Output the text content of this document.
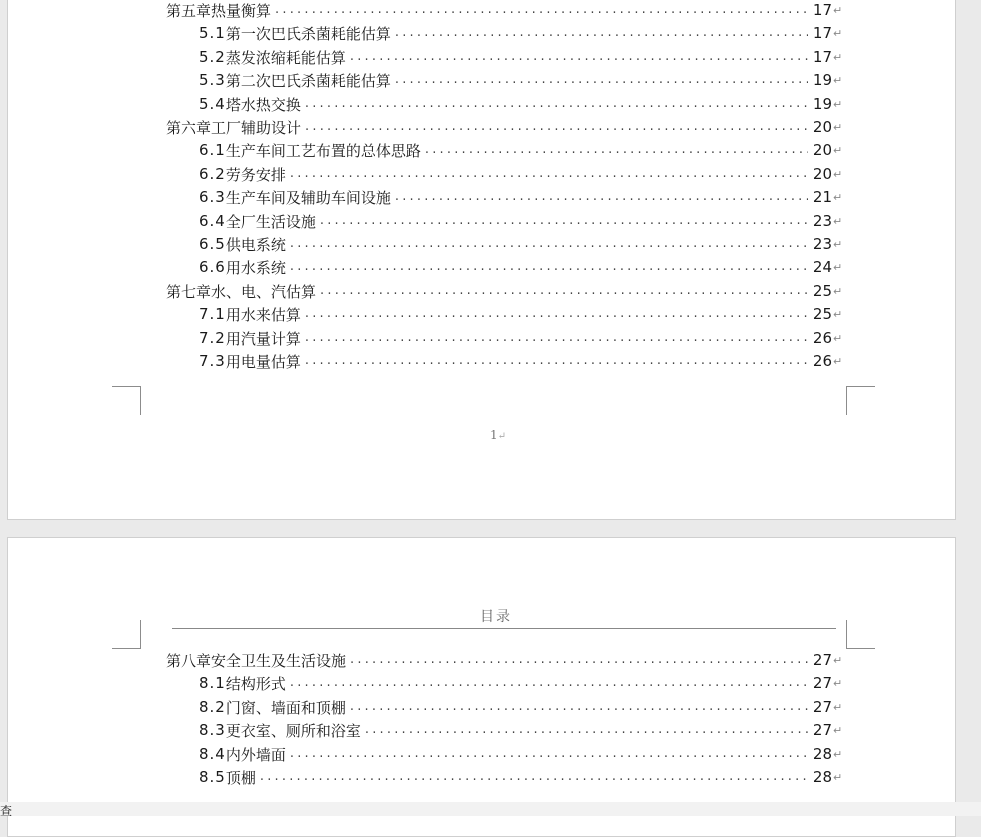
第五章 热量衡算 .....	17 ↵
5.1 第一次巴氏杀菌耗能估算 .....	17 ↵
5.2 蒸发浓缩耗能估算 .....	17 ↵
5.3 第二次巴氏杀菌耗能估算 .....	19 ↵
5.4 塔水热交换 .....	19 ↵
第六章 工厂辅助设计 .....	20 ↵
6.1 生产车间工艺布置的总体思路 .....	20 ↵
6.2 劳务安排 .....	20 ↵
6.3 生产车间及辅助车间设施 .....	21 ↵
6.4 全厂生活设施 .....	23 ↵
6.5 供电系统 .....	23 ↵
6.6 用水系统 .....	24 ↵
第七章 水、电、汽估算 .....	25 ↵
7.1 用水来估算 .....	25 ↵
7.2 用汽量计算 .....	26 ↵
7.3 用电量估算 .....	26 ↵
1↵
目录
第八章 安全卫生及生活设施 .....	27 ↵
8.1 结构形式 .....	27 ↵
8.2 门窗、墙面和顶棚 .....	27 ↵
8.3 更衣室、厕所和浴室 .....	27 ↵
8.4 内外墙面 .....	28 ↵
8.5 顶棚 .....	28 ↵
查
